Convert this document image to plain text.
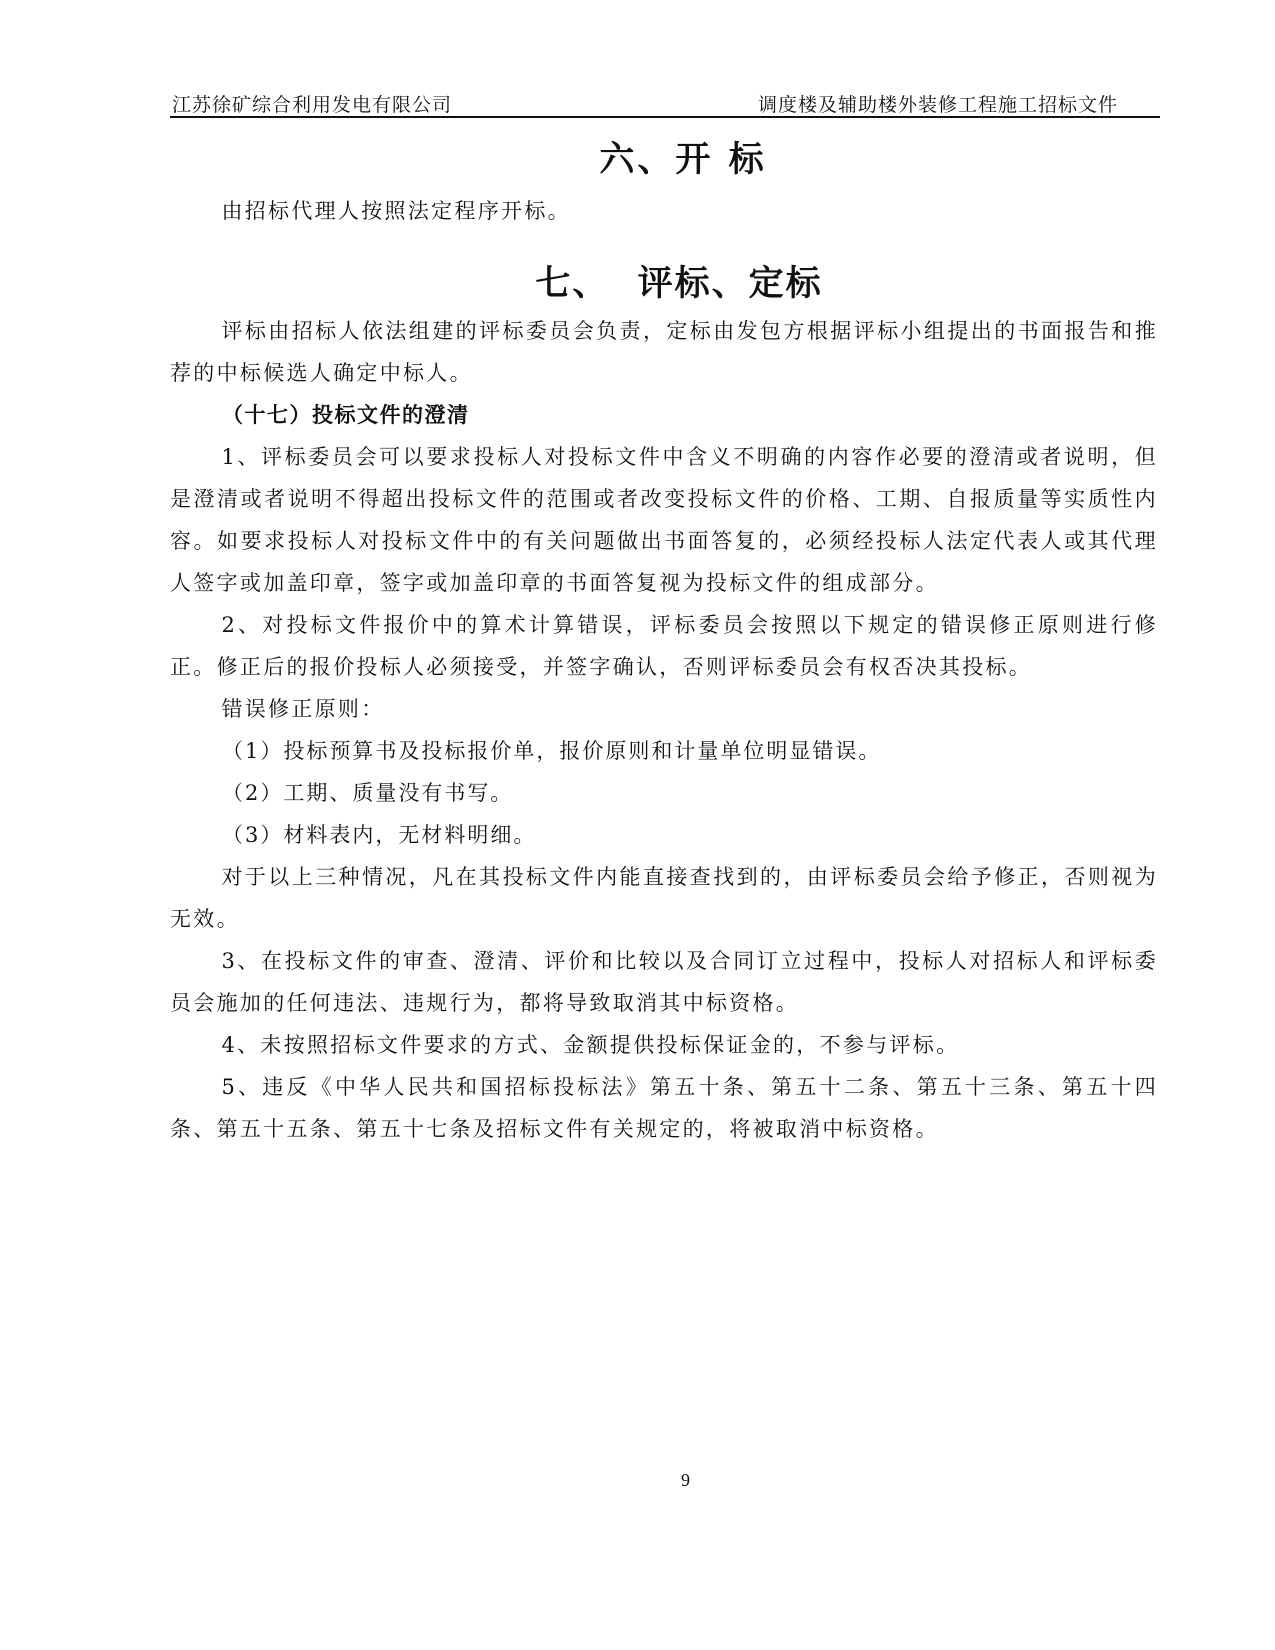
江苏徐矿综合利用发电有限公司	调度楼及辅助楼外装修工程施工招标文件
六、开 标

由招标代理人按照法定程序开标。

七、  评标、定标

评标由招标人依法组建的评标委员会负责，定标由发包方根据评标小组提出的书面报告和推荐的中标候选人确定中标人。

（十七）投标文件的澄清

1、评标委员会可以要求投标人对投标文件中含义不明确的内容作必要的澄清或者说明，但是澄清或者说明不得超出投标文件的范围或者改变投标文件的价格、工期、自报质量等实质性内容。如要求投标人对投标文件中的有关问题做出书面答复的，必须经投标人法定代表人或其代理人签字或加盖印章，签字或加盖印章的书面答复视为投标文件的组成部分。

2、对投标文件报价中的算术计算错误，评标委员会按照以下规定的错误修正原则进行修正。修正后的报价投标人必须接受，并签字确认，否则评标委员会有权否决其投标。

错误修正原则：

（1）投标预算书及投标报价单，报价原则和计量单位明显错误。

（2）工期、质量没有书写。

（3）材料表内，无材料明细。

对于以上三种情况，凡在其投标文件内能直接查找到的，由评标委员会给予修正，否则视为无效。

3、在投标文件的审查、澄清、评价和比较以及合同订立过程中，投标人对招标人和评标委员会施加的任何违法、违规行为，都将导致取消其中标资格。

4、未按照招标文件要求的方式、金额提供投标保证金的，不参与评标。

5、违反《中华人民共和国招标投标法》第五十条、第五十二条、第五十三条、第五十四条、第五十五条、第五十七条及招标文件有关规定的，将被取消中标资格。

9
